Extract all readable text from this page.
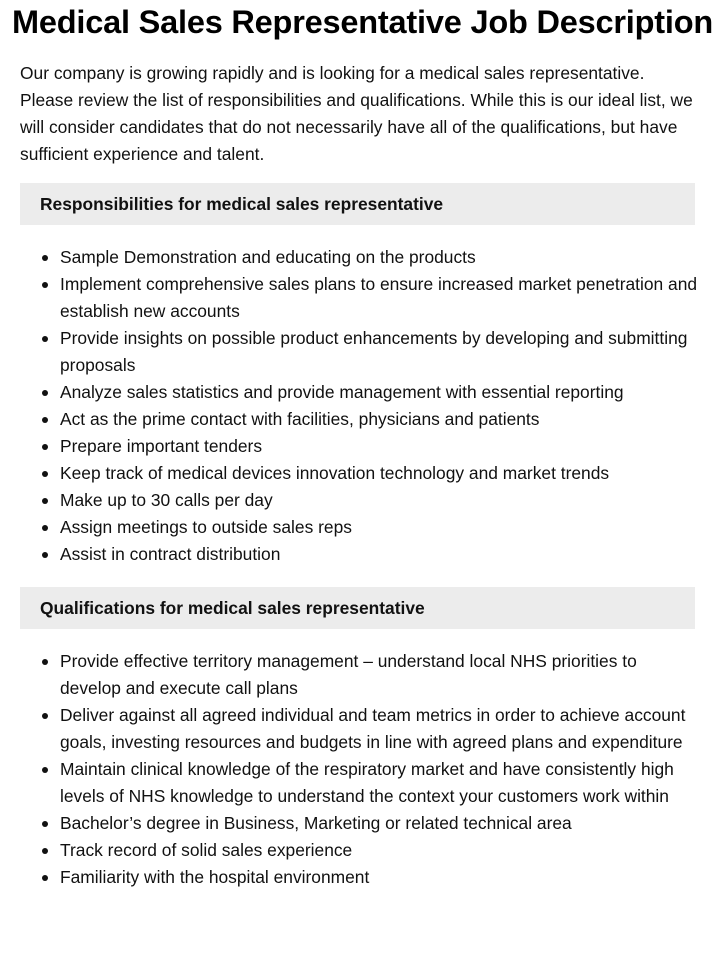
Medical Sales Representative Job Description

Our company is growing rapidly and is looking for a medical sales representative. Please review the list of responsibilities and qualifications. While this is our ideal list, we will consider candidates that do not necessarily have all of the qualifications, but have sufficient experience and talent.

Responsibilities for medical sales representative
Sample Demonstration and educating on the products
Implement comprehensive sales plans to ensure increased market penetration and establish new accounts
Provide insights on possible product enhancements by developing and submitting proposals
Analyze sales statistics and provide management with essential reporting
Act as the prime contact with facilities, physicians and patients
Prepare important tenders
Keep track of medical devices innovation technology and market trends
Make up to 30 calls per day
Assign meetings to outside sales reps
Assist in contract distribution
Qualifications for medical sales representative
Provide effective territory management – understand local NHS priorities to develop and execute call plans
Deliver against all agreed individual and team metrics in order to achieve account goals, investing resources and budgets in line with agreed plans and expenditure
Maintain clinical knowledge of the respiratory market and have consistently high levels of NHS knowledge to understand the context your customers work within
Bachelor’s degree in Business, Marketing or related technical area
Track record of solid sales experience
Familiarity with the hospital environment
